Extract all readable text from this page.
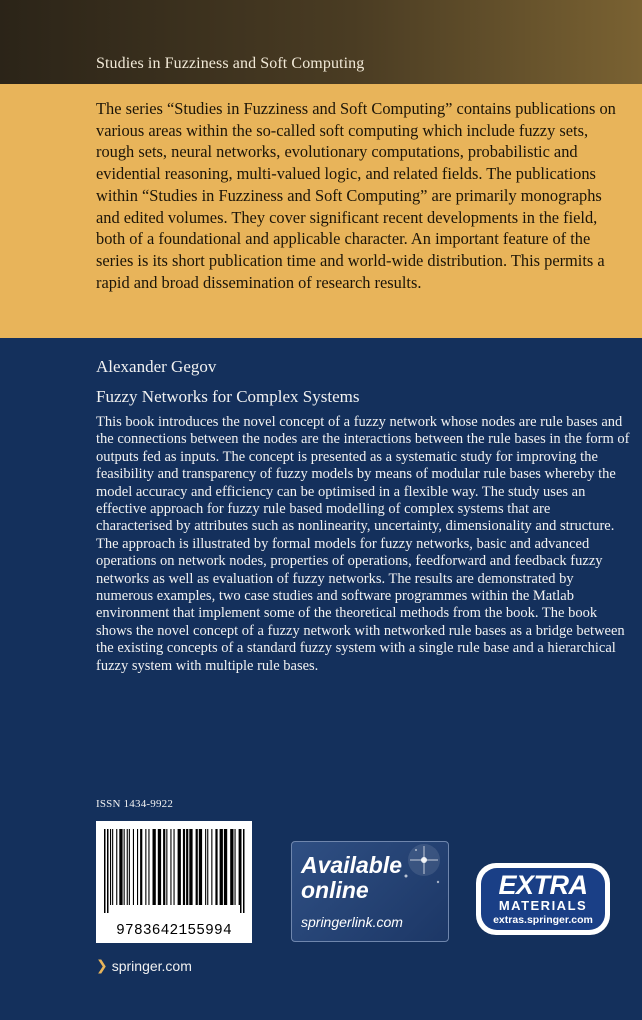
Studies in Fuzziness and Soft Computing
The series “Studies in Fuzziness and Soft Computing” contains publications on various areas within the so-called soft computing which include fuzzy sets, rough sets, neural networks, evolutionary computations, probabilistic and evidential reasoning, multi-valued logic, and related fields. The publications within “Studies in Fuzziness and Soft Computing” are primarily monographs and edited volumes. They cover significant recent developments in the field, both of a foundational and applicable character. An important feature of the series is its short publication time and world-wide distribution. This permits a rapid and broad dissemination of research results.
Alexander Gegov
Fuzzy Networks for Complex Systems
This book introduces the novel concept of a fuzzy network whose nodes are rule bases and the connections between the nodes are the interactions between the rule bases in the form of outputs fed as inputs. The concept is presented as a systematic study for improving the feasibility and transparency of fuzzy models by means of modular rule bases whereby the model accuracy and efficiency can be optimised in a flexible way. The study uses an effective approach for fuzzy rule based modelling of complex systems that are characterised by attributes such as nonlinearity, uncertainty, dimensionality and structure. The approach is illustrated by formal models for fuzzy networks, basic and advanced operations on network nodes, properties of operations, feedforward and feedback fuzzy networks as well as evaluation of fuzzy networks. The results are demonstrated by numerous examples, two case studies and software programmes within the Matlab environment that implement some of the theoretical methods from the book. The book shows the novel concept of a fuzzy network with networked rule bases as a bridge between the existing concepts of a standard fuzzy system with a single rule base and a hierarchical fuzzy system with multiple rule bases.
ISSN 1434-9922
9783642155994
❯ springer.com
Available
online
springerlink.com
EXTRA
MATERIALS
extras.springer.com
